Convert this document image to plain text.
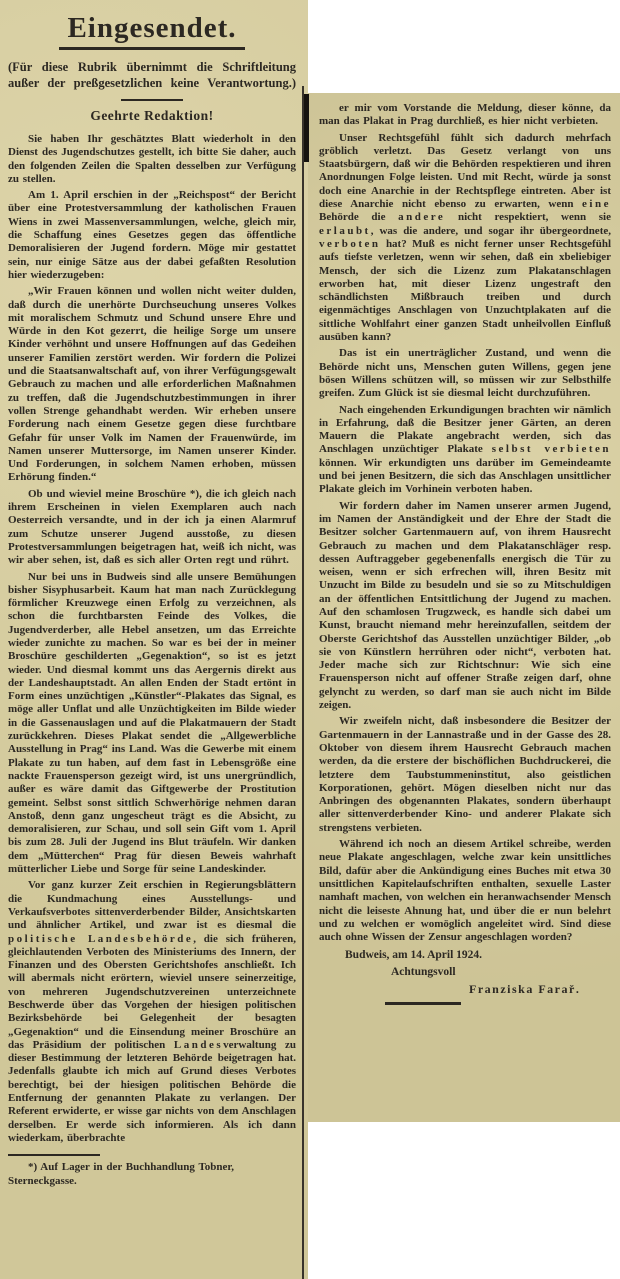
Eingesendet.

(Für diese Rubrik übernimmt die Schriftleitung außer der preßgesetzlichen keine Verantwortung.)

Geehrte Redaktion!

Sie haben Ihr geschätztes Blatt wiederholt in den Dienst des Jugendschutzes gestellt, ich bitte Sie daher, auch den folgenden Zeilen die Spalten desselben zur Verfügung zu stellen.

Am 1. April erschien in der „Reichspost“ der Bericht über eine Protestversammlung der katholischen Frauen Wiens in zwei Massenversammlungen, welche, gleich mir, die Schaffung eines Gesetzes gegen das öffentliche Demoralisieren der Jugend fordern. Möge mir gestattet sein, nur einige Sätze aus der dabei gefaßten Resolution hier wiederzugeben:

„Wir Frauen können und wollen nicht weiter dulden, daß durch die unerhörte Durchseuchung unseres Volkes mit moralischem Schmutz und Schund unsere Ehre und Würde in den Kot gezerrt, die heilige Sorge um unsere Kinder verhöhnt und unsere Hoffnungen auf das Gedeihen unserer Familien zerstört werden. Wir fordern die Polizei und die Staatsanwaltschaft auf, von ihrer Verfügungsgewalt Gebrauch zu machen und alle erforderlichen Maßnahmen zu treffen, daß die Jugendschutzbestimmungen in ihrer vollen Strenge gehandhabt werden. Wir erheben unsere Forderung nach einem Gesetze gegen diese furchtbare Gefahr für unser Volk im Namen der Frauenwürde, im Namen unserer Muttersorge, im Namen unserer Kinder. Und Forderungen, in solchem Namen erhoben, müssen Erhörung finden.“

Ob und wieviel meine Broschüre *), die ich gleich nach ihrem Erscheinen in vielen Exemplaren auch nach Oesterreich versandte, und in der ich ja einen Alarmruf zum Schutze unserer Jugend ausstoße, zu diesen Protestversammlungen beigetragen hat, weiß ich nicht, was wir aber sehen, ist, daß es sich aller Orten regt und rührt.

Nur bei uns in Budweis sind alle unsere Bemühungen bisher Sisyphusarbeit. Kaum hat man nach Zurücklegung förmlicher Kreuzwege einen Erfolg zu verzeichnen, als schon die furchtbarsten Feinde des Volkes, die Jugendverderber, alle Hebel ansetzen, um das Erreichte wieder zunichte zu machen. So war es bei der in meiner Broschüre geschilderten „Gegenaktion“, so ist es jetzt wieder. Und diesmal kommt uns das Aergernis direkt aus der Landeshauptstadt. An allen Enden der Stadt ertönt in Form eines unzüchtigen „Künstler“-Plakates das Signal, es möge aller Unflat und alle Unzüchtigkeiten im Bilde wieder in die Gassenauslagen und auf die Plakatmauern der Stadt zurückkehren. Dieses Plakat sendet die „Allgewerbliche Ausstellung in Prag“ ins Land. Was die Gewerbe mit einem Plakate zu tun haben, auf dem fast in Lebensgröße eine nackte Frauensperson gezeigt wird, ist uns unergründlich, außer es wäre damit das Giftgewerbe der Prostitution gemeint. Selbst sonst sittlich Schwerhörige nehmen daran Anstoß, denn ganz ungescheut trägt es die Absicht, zu demoralisieren, zur Schau, und soll sein Gift vom 1. April bis zum 28. Juli der Jugend ins Blut träufeln. Wir danken dem „Mütterchen“ Prag für diesen Beweis wahrhaft mütterlicher Liebe und Sorge für seine Landeskinder.

Vor ganz kurzer Zeit erschien in Regierungsblättern die Kundmachung eines Ausstellungs- und Verkaufsverbotes sittenverderbender Bilder, Ansichtskarten und ähnlicher Artikel, und zwar ist es diesmal die politische Landesbehörde, die sich früheren, gleichlautenden Verboten des Ministeriums des Innern, der Finanzen und des Obersten Gerichtshofes anschließt. Ich will abermals nicht erörtern, wieviel unsere seinerzeitige, von mehreren Jugendschutzvereinen unterzeichnete Beschwerde über das Vorgehen der hiesigen politischen Bezirksbehörde bei Gelegenheit der besagten „Gegenaktion“ und die Einsendung meiner Broschüre an das Präsidium der politischen Landesverwaltung zu dieser Bestimmung der letzteren Behörde beigetragen hat. Jedenfalls glaubte ich mich auf Grund dieses Verbotes berechtigt, bei der hiesigen politischen Behörde die Entfernung der genannten Plakate zu verlangen. Der Referent erwiderte, er wisse gar nichts von dem Anschlagen derselben. Er werde sich informieren. Als ich dann wiederkam, überbrachte

*) Auf Lager in der Buchhandlung Tobner, Sterneckgasse.

er mir vom Vorstande die Meldung, dieser könne, da man das Plakat in Prag durchließ, es hier nicht verbieten.

Unser Rechtsgefühl fühlt sich dadurch mehrfach gröblich verletzt. Das Gesetz verlangt von uns Staatsbürgern, daß wir die Behörden respektieren und ihren Anordnungen Folge leisten. Und mit Recht, würde ja sonst doch eine Anarchie in der Rechtspflege eintreten. Aber ist diese Anarchie nicht ebenso zu erwarten, wenn eine Behörde die andere nicht respektiert, wenn sie erlaubt, was die andere, und sogar ihr übergeordnete, verboten hat? Muß es nicht ferner unser Rechtsgefühl aufs tiefste verletzen, wenn wir sehen, daß ein xbeliebiger Mensch, der sich die Lizenz zum Plakatanschlagen erworben hat, mit dieser Lizenz ungestraft den schändlichsten Mißbrauch treiben und durch eigenmächtiges Anschlagen von Unzuchtplakaten auf die sittliche Wohlfahrt einer ganzen Stadt unheilvollen Einfluß ausüben kann?

Das ist ein unerträglicher Zustand, und wenn die Behörde nicht uns, Menschen guten Willens, gegen jene bösen Willens schützen will, so müssen wir zur Selbsthilfe greifen. Zum Glück ist sie diesmal leicht durchzuführen.

Nach eingehenden Erkundigungen brachten wir nämlich in Erfahrung, daß die Besitzer jener Gärten, an deren Mauern die Plakate angebracht werden, sich das Anschlagen unzüchtiger Plakate selbst verbieten können. Wir erkundigten uns darüber im Gemeindeamte und bei jenen Besitzern, die sich das Anschlagen unsittlicher Plakate gleich im Vorhinein verboten haben.

Wir fordern daher im Namen unserer armen Jugend, im Namen der Anständigkeit und der Ehre der Stadt die Besitzer solcher Gartenmauern auf, von ihrem Hausrecht Gebrauch zu machen und dem Plakatanschläger resp. dessen Auftraggeber gegebenenfalls energisch die Tür zu weisen, wenn er sich erfrechen will, ihren Besitz mit Unzucht im Bilde zu besudeln und sie so zu Mitschuldigen an der öffentlichen Entsittlichung der Jugend zu machen. Auf den schamlosen Trugzweck, es handle sich dabei um Kunst, braucht niemand mehr hereinzufallen, seitdem der Oberste Gerichtshof das Ausstellen unzüchtiger Bilder, „ob sie von Künstlern herrühren oder nicht“, verboten hat. Jeder mache sich zur Richtschnur: Wie sich eine Frauensperson nicht auf offener Straße zeigen darf, ohne gelyncht zu werden, so darf man sie auch nicht im Bilde zeigen.

Wir zweifeln nicht, daß insbesondere die Besitzer der Gartenmauern in der Lannastraße und in der Gasse des 28. Oktober von diesem ihrem Hausrecht Gebrauch machen werden, da die erstere der bischöflichen Buchdruckerei, die letztere dem Taubstummeninstitut, also geistlichen Korporationen, gehört. Mögen dieselben nicht nur das Anbringen des obgenannten Plakates, sondern überhaupt aller sittenverderbender Kino- und anderer Plakate sich strengstens verbieten.

Während ich noch an diesem Artikel schreibe, werden neue Plakate angeschlagen, welche zwar kein unsittliches Bild, dafür aber die Ankündigung eines Buches mit etwa 30 unsittlichen Kapitelaufschriften enthalten, sexuelle Laster namhaft machen, von welchen ein heranwachsender Mensch nicht die leiseste Ahnung hat, und über die er nun belehrt und zu welchen er womöglich angeleitet wird. Sind diese auch ohne Wissen der Zensur angeschlagen worden?

Budweis, am 14. April 1924.

Achtungsvoll

Franziska Farař.
